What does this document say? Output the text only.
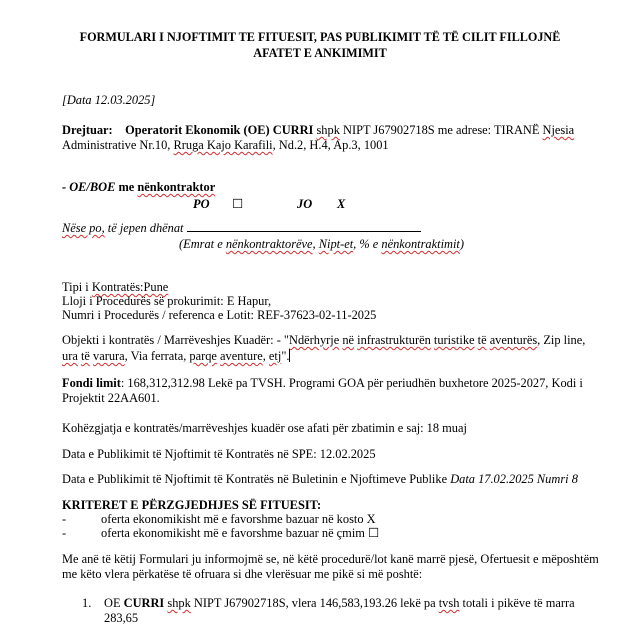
FORMULARI I NJOFTIMIT TE FITUESIT, PAS PUBLIKIMIT TË TË CILIT FILLOJNË
AFATET E ANKIMIMIT
[Data 12.03.2025]
Drejtuar: Operatorit Ekonomik (OE) CURRI shpk NIPT J67902718S me adrese: TIRANË Njesia
Administrative Nr.10, Rruga Kajo Karafili, Nd.2, H.4, Ap.3, 1001
- OE/BOE me nënkontraktor
PO ☐	JO X
Nëse po, të jepen dhënat
(Emrat e nënkontraktorëve, Nipt-et, % e nënkontraktimit)
Tipi i Kontratës:Pune
Lloji i Procedurës së prokurimit: E Hapur,
Numri i Procedurës / referenca e Lotit: REF-37623-02-11-2025
Objekti i kontratës / Marrëveshjes Kuadër: - "Ndërhyrje në infrastrukturën turistike të aventurës, Zip line,
ura të varura, Via ferrata, parqe aventure, etj".
Fondi limit: 168,312,312.98 Lekë pa TVSH. Programi GOA për periudhën buxhetore 2025-2027, Kodi i
Projektit 22AA601.
Kohëzgjatja e kontratës/marrëveshjes kuadër ose afati për zbatimin e saj: 18 muaj
Data e Publikimit të Njoftimit të Kontratës në SPE: 12.02.2025
Data e Publikimit të Njoftimit të Kontratës në Buletinin e Njoftimeve Publike Data 17.02.2025 Numri 8
KRITERET E PËRZGJEDHJES SË FITUESIT:
-	oferta ekonomikisht më e favorshme bazuar në kosto X
-	oferta ekonomikisht më e favorshme bazuar në çmim ☐
Me anë të këtij Formulari ju informojmë se, në këtë procedurë/lot kanë marrë pjesë, Ofertuesit e mëposhtëm
me këto vlera përkatëse të ofruara si dhe vlerësuar me pikë si më poshtë:
1. OE CURRI shpk NIPT J67902718S, vlera 146,583,193.26 lekë pa tvsh totali i pikëve të marra
283,65
